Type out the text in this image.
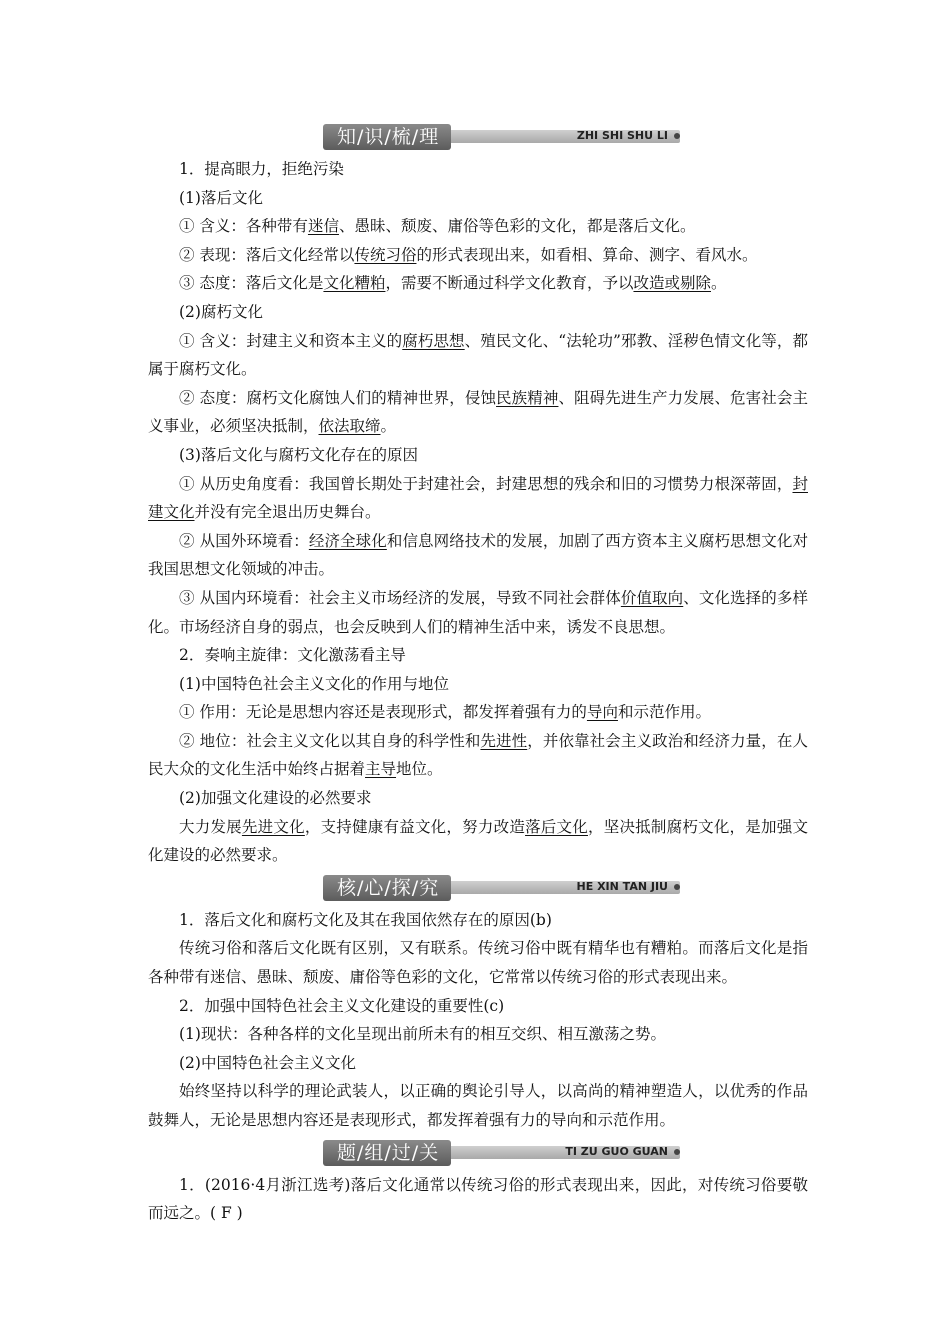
知/识/梳/理	ZHI SHI SHU LI

1．提高眼力，拒绝污染

(1)落后文化

① 含义：各种带有迷信、愚昧、颓废、庸俗等色彩的文化，都是落后文化。

② 表现：落后文化经常以传统习俗的形式表现出来，如看相、算命、测字、看风水。

③ 态度：落后文化是文化糟粕，需要不断通过科学文化教育，予以改造或剔除。

(2)腐朽文化

① 含义：封建主义和资本主义的腐朽思想、殖民文化、“法轮功”邪教、淫秽色情文化等，都属于腐朽文化。

② 态度：腐朽文化腐蚀人们的精神世界，侵蚀民族精神、阻碍先进生产力发展、危害社会主义事业，必须坚决抵制，依法取缔。

(3)落后文化与腐朽文化存在的原因

① 从历史角度看：我国曾长期处于封建社会，封建思想的残余和旧的习惯势力根深蒂固，封建文化并没有完全退出历史舞台。

② 从国外环境看：经济全球化和信息网络技术的发展，加剧了西方资本主义腐朽思想文化对我国思想文化领域的冲击。

③ 从国内环境看：社会主义市场经济的发展，导致不同社会群体价值取向、文化选择的多样化。市场经济自身的弱点，也会反映到人们的精神生活中来，诱发不良思想。

2．奏响主旋律：文化激荡看主导

(1)中国特色社会主义文化的作用与地位

① 作用：无论是思想内容还是表现形式，都发挥着强有力的导向和示范作用。

② 地位：社会主义文化以其自身的科学性和先进性，并依靠社会主义政治和经济力量，在人民大众的文化生活中始终占据着主导地位。

(2)加强文化建设的必然要求

大力发展先进文化，支持健康有益文化，努力改造落后文化，坚决抵制腐朽文化，是加强文化建设的必然要求。

核/心/探/究	HE XIN TAN JIU

1．落后文化和腐朽文化及其在我国依然存在的原因(b)

传统习俗和落后文化既有区别，又有联系。传统习俗中既有精华也有糟粕。而落后文化是指各种带有迷信、愚昧、颓废、庸俗等色彩的文化，它常常以传统习俗的形式表现出来。

2．加强中国特色社会主义文化建设的重要性(c)

(1)现状：各种各样的文化呈现出前所未有的相互交织、相互激荡之势。

(2)中国特色社会主义文化

始终坚持以科学的理论武装人，以正确的舆论引导人，以高尚的精神塑造人，以优秀的作品鼓舞人，无论是思想内容还是表现形式，都发挥着强有力的导向和示范作用。

题/组/过/关	TI ZU GUO GUAN

1．(2016·4月浙江选考)落后文化通常以传统习俗的形式表现出来，因此，对传统习俗要敬而远之。( F )
